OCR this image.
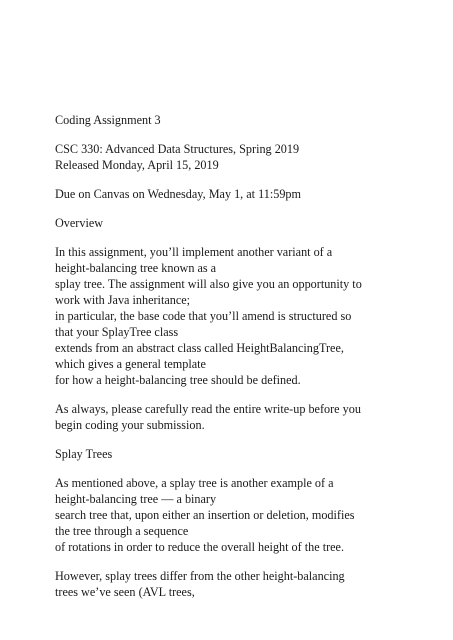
Coding Assignment 3

CSC 330: Advanced Data Structures, Spring 2019

Released Monday, April 15, 2019

Due on Canvas on Wednesday, May 1, at 11:59pm

Overview

In this assignment, you’ll implement another variant of a

height-balancing tree known as a

splay tree. The assignment will also give you an opportunity to

work with Java inheritance;

in particular, the base code that you’ll amend is structured so

that your SplayTree class

extends from an abstract class called HeightBalancingTree,

which gives a general template

for how a height-balancing tree should be defined.

As always, please carefully read the entire write-up before you

begin coding your submission.

Splay Trees

As mentioned above, a splay tree is another example of a

height-balancing tree — a binary

search tree that, upon either an insertion or deletion, modifies

the tree through a sequence

of rotations in order to reduce the overall height of the tree.

However, splay trees differ from the other height-balancing

trees we’ve seen (AVL trees,
